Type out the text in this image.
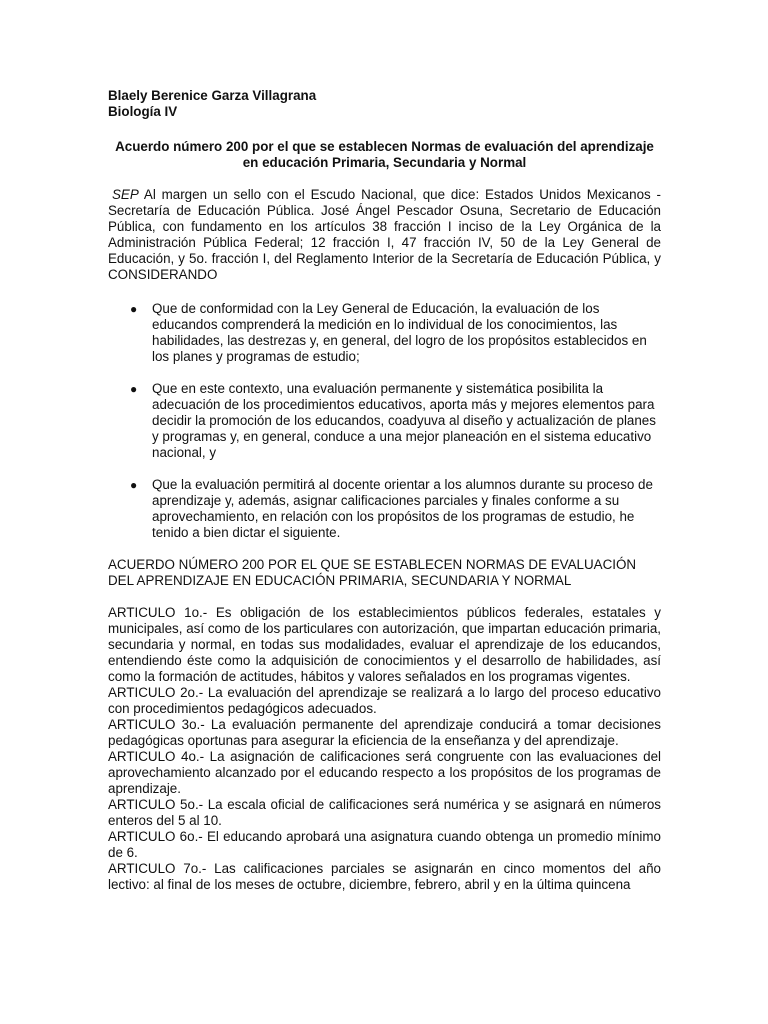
Blaely Berenice Garza Villagrana

Biología IV

Acuerdo número 200 por el que se establecen Normas de evaluación del aprendizaje en educación Primaria, Secundaria y Normal

SEP Al margen un sello con el Escudo Nacional, que dice: Estados Unidos Mexicanos - Secretaría de Educación Pública. José Ángel Pescador Osuna, Secretario de Educación Pública, con fundamento en los artículos 38 fracción I inciso de la Ley Orgánica de la Administración Pública Federal; 12 fracción I, 47 fracción IV, 50 de la Ley General de Educación, y 5o. fracción I, del Reglamento Interior de la Secretaría de Educación Pública, y CONSIDERANDO

● Que de conformidad con la Ley General de Educación, la evaluación de los educandos comprenderá la medición en lo individual de los conocimientos, las habilidades, las destrezas y, en general, del logro de los propósitos establecidos en los planes y programas de estudio;
● Que en este contexto, una evaluación permanente y sistemática posibilita la adecuación de los procedimientos educativos, aporta más y mejores elementos para decidir la promoción de los educandos, coadyuva al diseño y actualización de planes y programas y, en general, conduce a una mejor planeación en el sistema educativo nacional, y
● Que la evaluación permitirá al docente orientar a los alumnos durante su proceso de aprendizaje y, además, asignar calificaciones parciales y finales conforme a su aprovechamiento, en relación con los propósitos de los programas de estudio, he tenido a bien dictar el siguiente.

ACUERDO NÚMERO 200 POR EL QUE SE ESTABLECEN NORMAS DE EVALUACIÓN DEL APRENDIZAJE EN EDUCACIÓN PRIMARIA, SECUNDARIA Y NORMAL

ARTICULO 1o.- Es obligación de los establecimientos públicos federales, estatales y municipales, así como de los particulares con autorización, que impartan educación primaria, secundaria y normal, en todas sus modalidades, evaluar el aprendizaje de los educandos, entendiendo éste como la adquisición de conocimientos y el desarrollo de habilidades, así como la formación de actitudes, hábitos y valores señalados en los programas vigentes.

ARTICULO 2o.- La evaluación del aprendizaje se realizará a lo largo del proceso educativo con procedimientos pedagógicos adecuados.

ARTICULO 3o.- La evaluación permanente del aprendizaje conducirá a tomar decisiones pedagógicas oportunas para asegurar la eficiencia de la enseñanza y del aprendizaje.

ARTICULO 4o.- La asignación de calificaciones será congruente con las evaluaciones del aprovechamiento alcanzado por el educando respecto a los propósitos de los programas de aprendizaje.

ARTICULO 5o.- La escala oficial de calificaciones será numérica y se asignará en números enteros del 5 al 10.

ARTICULO 6o.- El educando aprobará una asignatura cuando obtenga un promedio mínimo de 6.

ARTICULO 7o.- Las calificaciones parciales se asignarán en cinco momentos del año lectivo: al final de los meses de octubre, diciembre, febrero, abril y en la última quincena
